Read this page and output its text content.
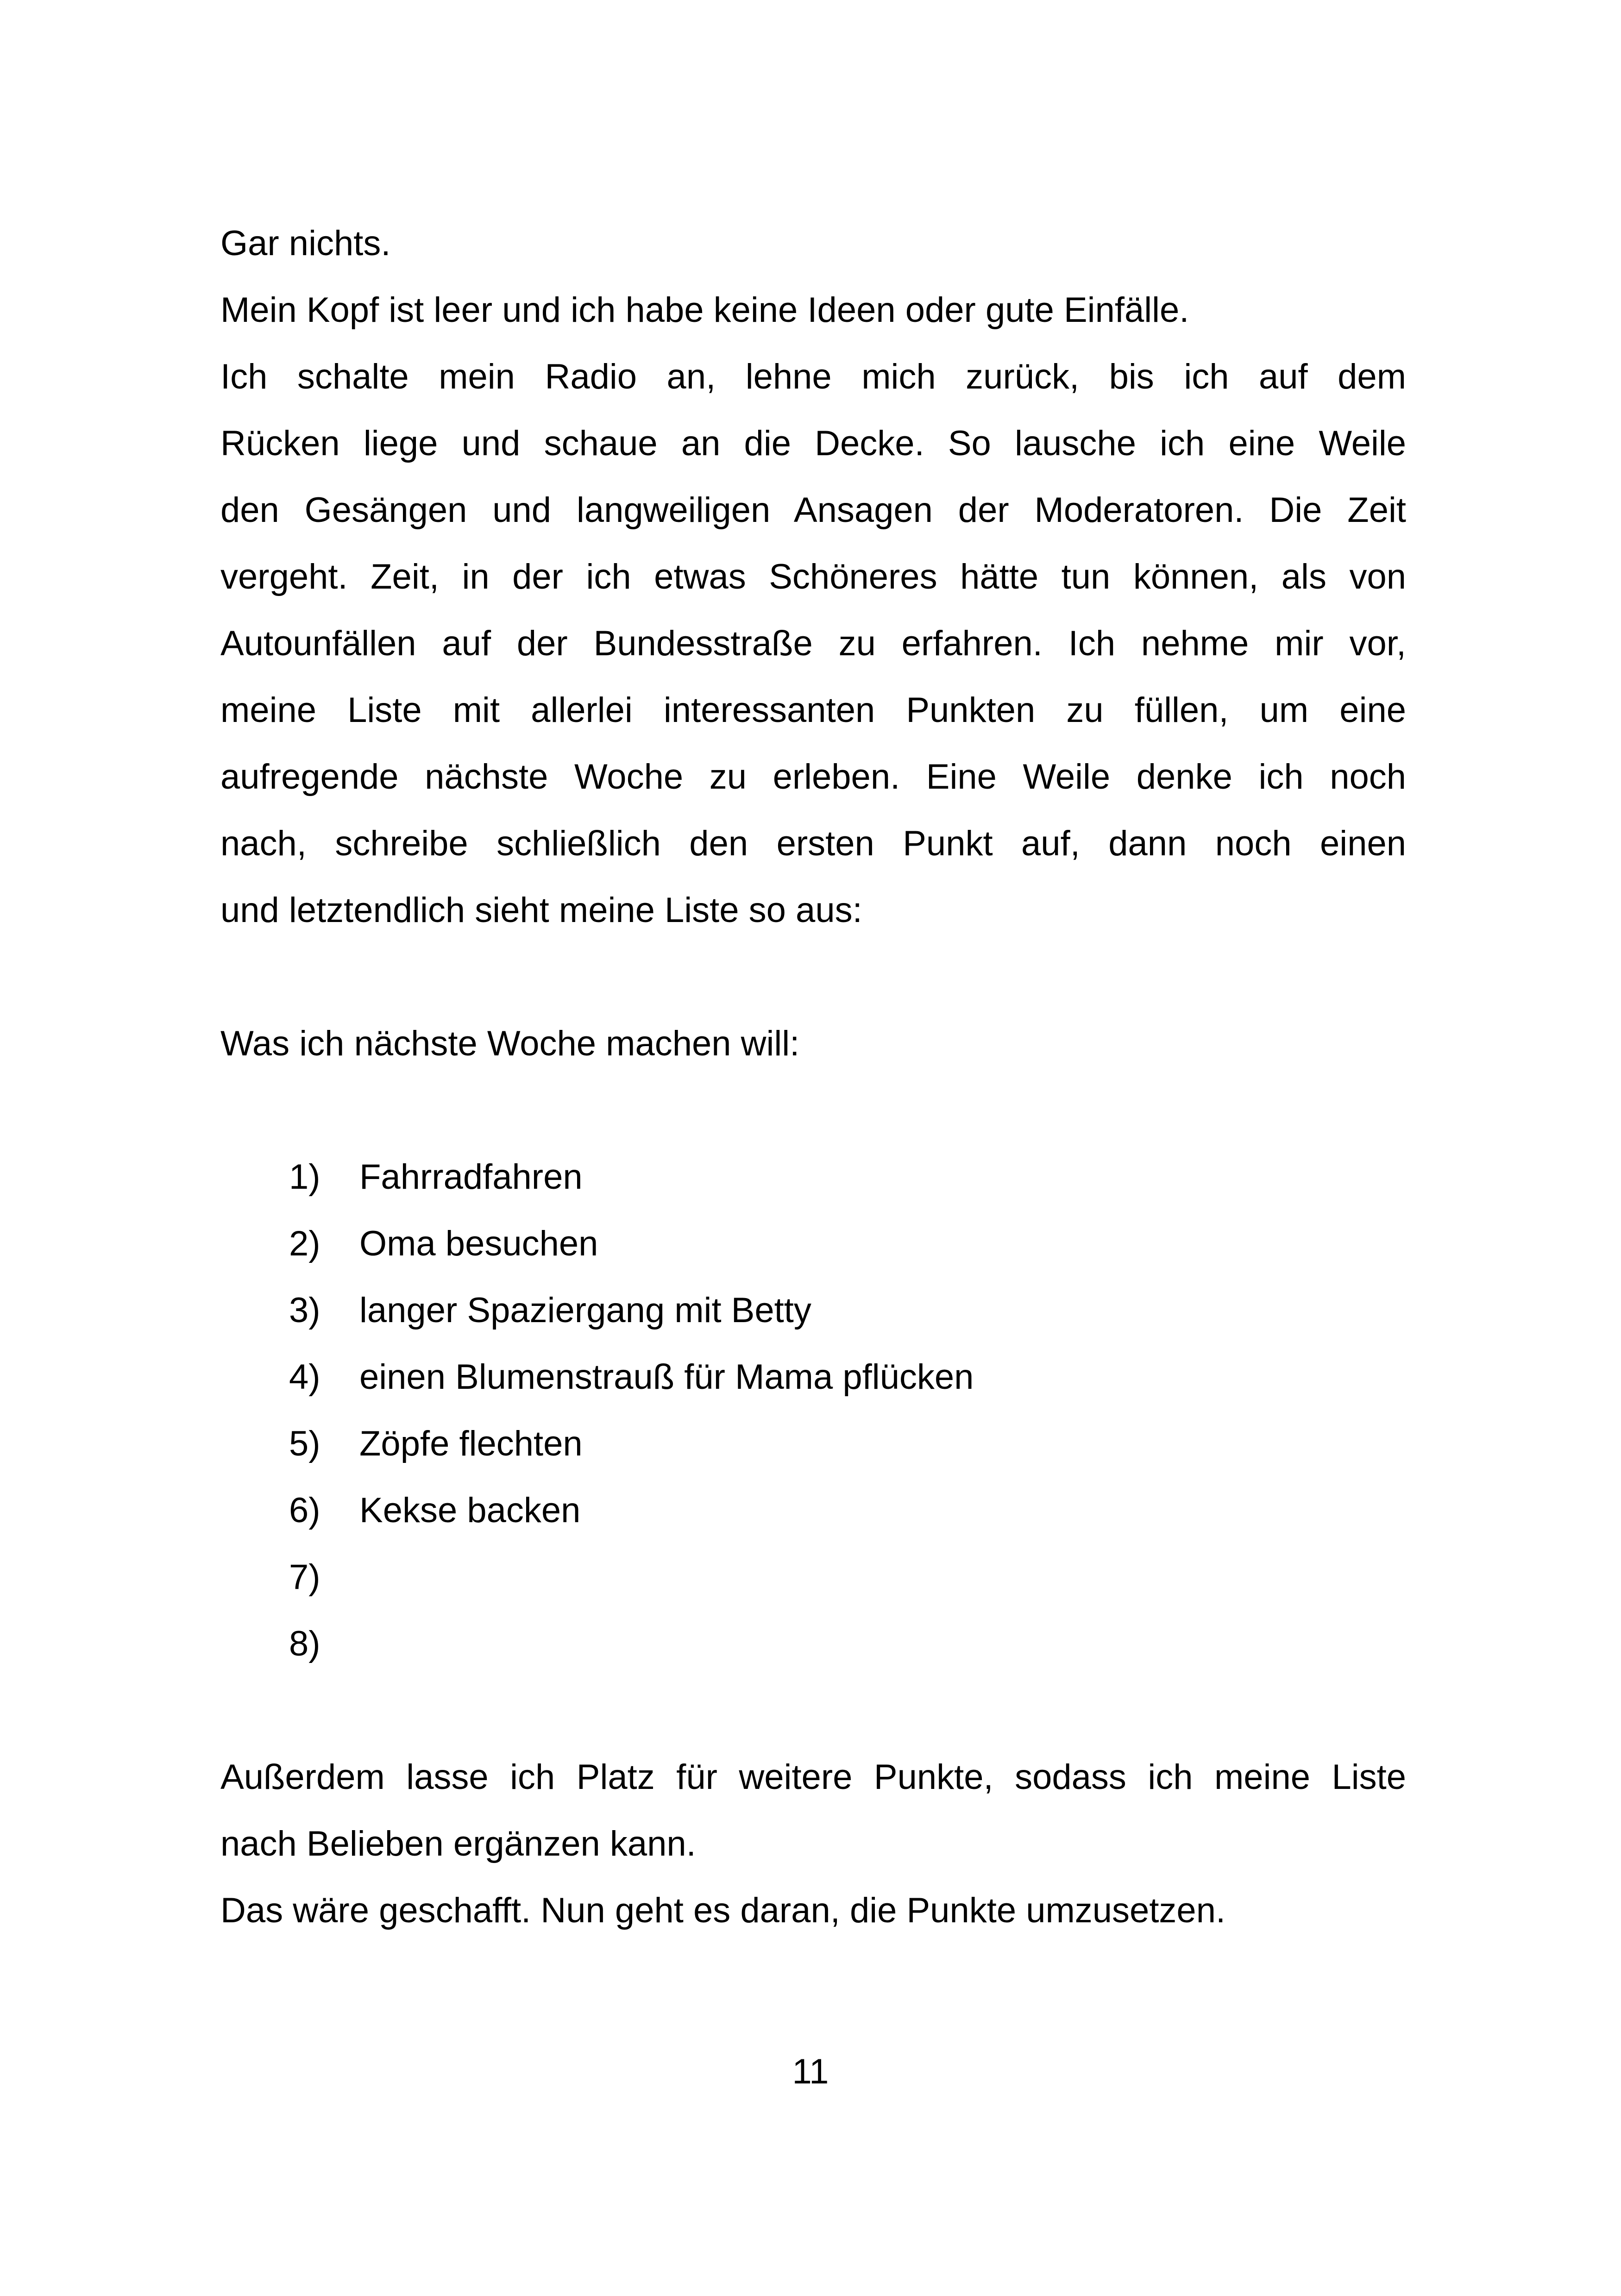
Gar nichts.
Mein Kopf ist leer und ich habe keine Ideen oder gute Einfälle.
Ich schalte mein Radio an, lehne mich zurück, bis ich auf dem
Rücken liege und schaue an die Decke. So lausche ich eine Weile
den Gesängen und langweiligen Ansagen der Moderatoren. Die Zeit
vergeht. Zeit, in der ich etwas Schöneres hätte tun können, als von
Autounfällen auf der Bundesstraße zu erfahren. Ich nehme mir vor,
meine Liste mit allerlei interessanten Punkten zu füllen, um eine
aufregende nächste Woche zu erleben. Eine Weile denke ich noch
nach, schreibe schließlich den ersten Punkt auf, dann noch einen
und letztendlich sieht meine Liste so aus:
Was ich nächste Woche machen will:
1) Fahrradfahren
2) Oma besuchen
3) langer Spaziergang mit Betty
4) einen Blumenstrauß für Mama pflücken
5) Zöpfe flechten
6) Kekse backen
7)
8)
Außerdem lasse ich Platz für weitere Punkte, sodass ich meine Liste
nach Belieben ergänzen kann.
Das wäre geschafft. Nun geht es daran, die Punkte umzusetzen.
11
